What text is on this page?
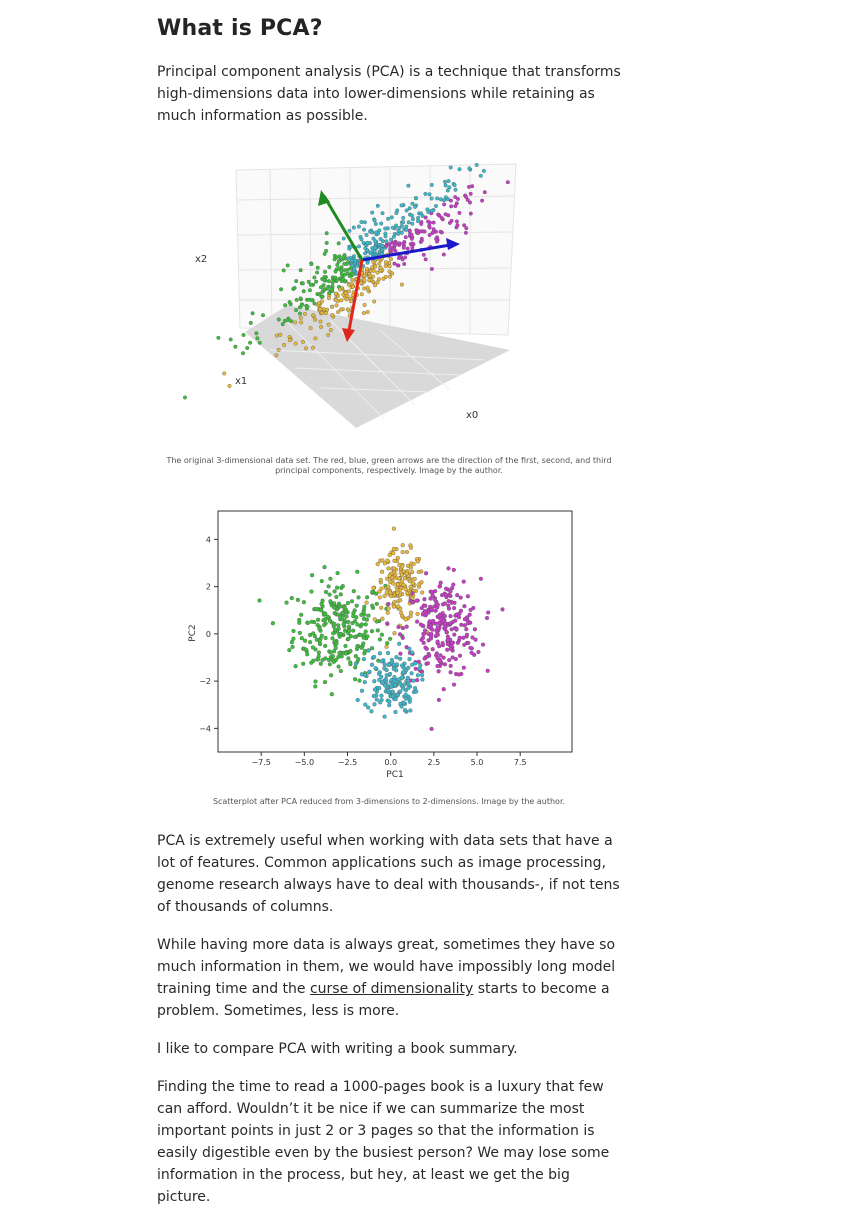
What is PCA?

Principal component analysis (PCA) is a technique that transforms high-dimensions data into lower-dimensions while retaining as much information as possible.

x2
x1
x0

The original 3-dimensional data set. The red, blue, green arrows are the direction of the first, second, and third principal components, respectively. Image by the author.

−7.5	−5.0	−2.5	0.0	2.5	5.0	7.5
4
2
0
−2
−4
PC1
PC2

Scatterplot after PCA reduced from 3-dimensions to 2-dimensions. Image by the author.

PCA is extremely useful when working with data sets that have a lot of features. Common applications such as image processing, genome research always have to deal with thousands-, if not tens of thousands of columns.

While having more data is always great, sometimes they have so much information in them, we would have impossibly long model training time and the curse of dimensionality starts to become a problem. Sometimes, less is more.

I like to compare PCA with writing a book summary.

Finding the time to read a 1000-pages book is a luxury that few can afford. Wouldn’t it be nice if we can summarize the most important points in just 2 or 3 pages so that the information is easily digestible even by the busiest person? We may lose some information in the process, but hey, at least we get the big picture.
